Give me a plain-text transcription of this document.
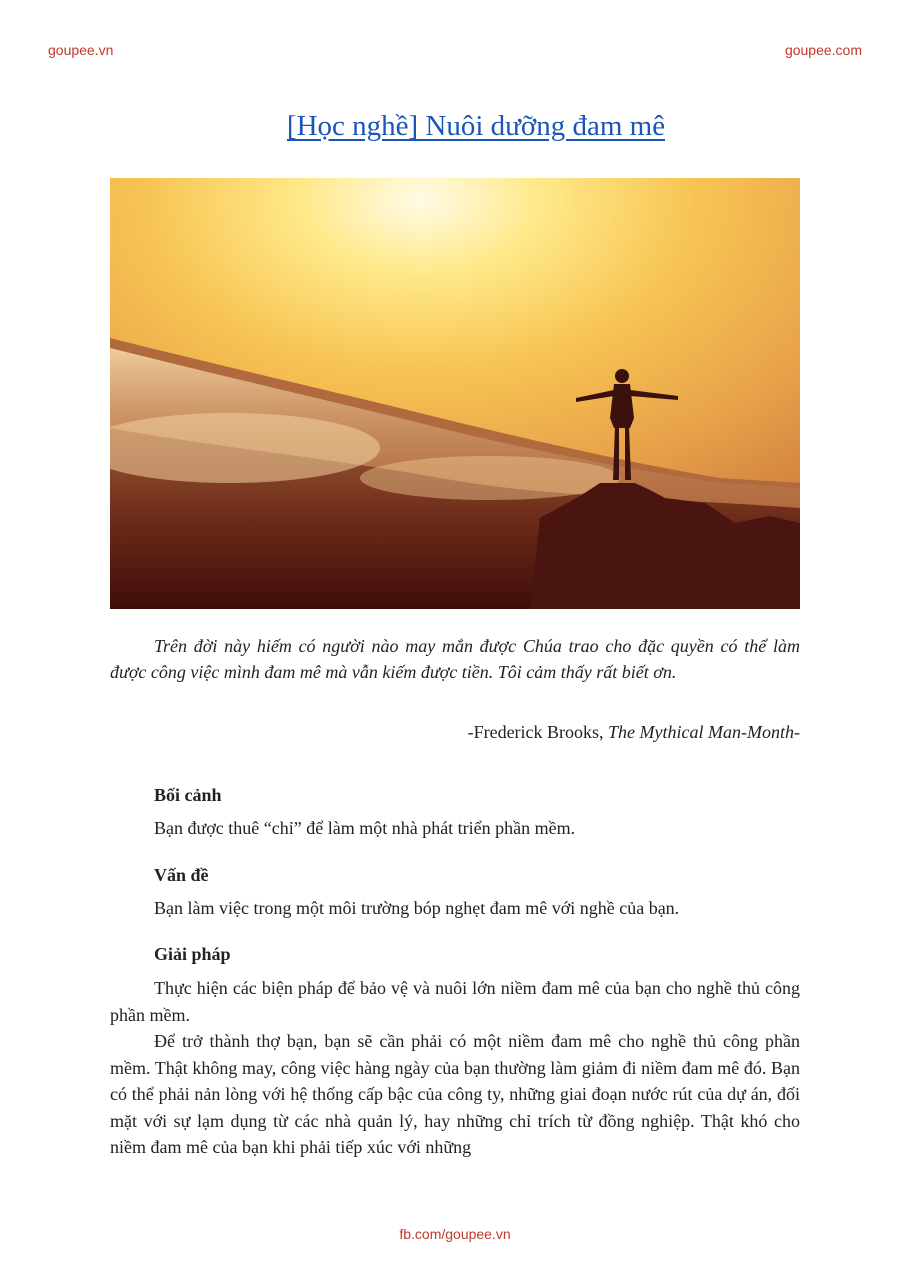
goupee.vn	goupee.com
[Học nghề] Nuôi dưỡng đam mê
Trên đời này hiếm có người nào may mắn được Chúa trao cho đặc quyền có thể làm được công việc mình đam mê mà vẫn kiếm được tiền. Tôi cảm thấy rất biết ơn.
-Frederick Brooks, The Mythical Man-Month-
Bối cảnh
Bạn được thuê “chỉ” để làm một nhà phát triển phần mềm.
Vấn đề
Bạn làm việc trong một môi trường bóp nghẹt đam mê với nghề của bạn.
Giải pháp

Thực hiện các biện pháp để bảo vệ và nuôi lớn niềm đam mê của bạn cho nghề thủ công phần mềm.

Để trở thành thợ bạn, bạn sẽ cần phải có một niềm đam mê cho nghề thủ công phần mềm. Thật không may, công việc hàng ngày của bạn thường làm giảm đi niềm đam mê đó. Bạn có thể phải nản lòng với hệ thống cấp bậc của công ty, những giai đoạn nước rút của dự án, đối mặt với sự lạm dụng từ các nhà quản lý, hay những chỉ trích từ đồng nghiệp. Thật khó cho niềm đam mê của bạn khi phải tiếp xúc với những

fb.com/goupee.vn
